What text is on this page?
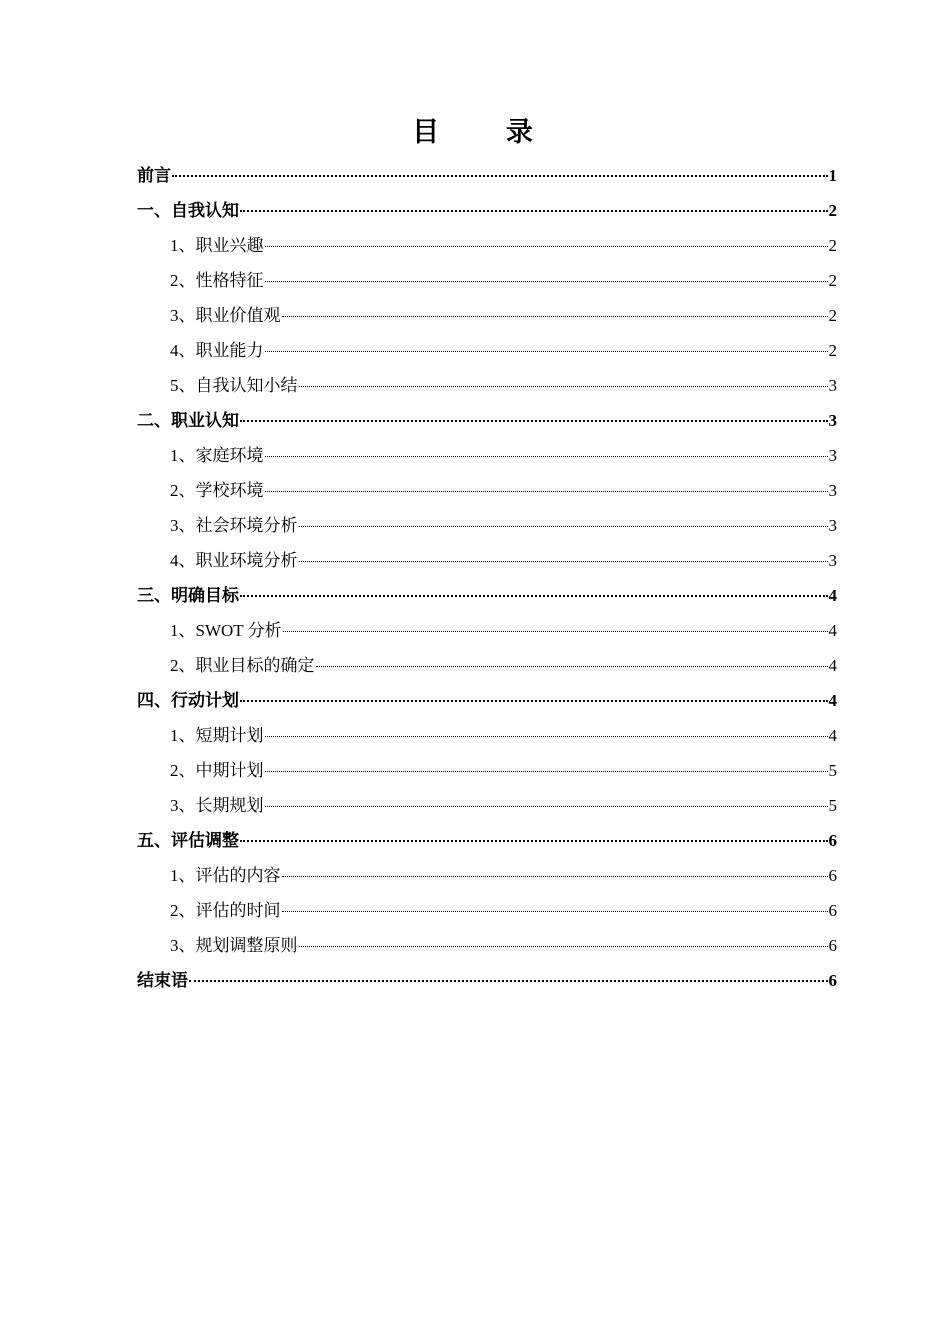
目 录
前言	1
一、自我认知	2
1、职业兴趣	2
2、性格特征	2
3、职业价值观	2
4、职业能力	2
5、自我认知小结	3
二、职业认知	3
1、家庭环境	3
2、学校环境	3
3、社会环境分析	3
4、职业环境分析	3
三、明确目标	4
1、SWOT 分析	4
2、职业目标的确定	4
四、行动计划	4
1、短期计划	4
2、中期计划	5
3、长期规划	5
五、评估调整	6
1、评估的内容	6
2、评估的时间	6
3、规划调整原则	6
结束语	6
